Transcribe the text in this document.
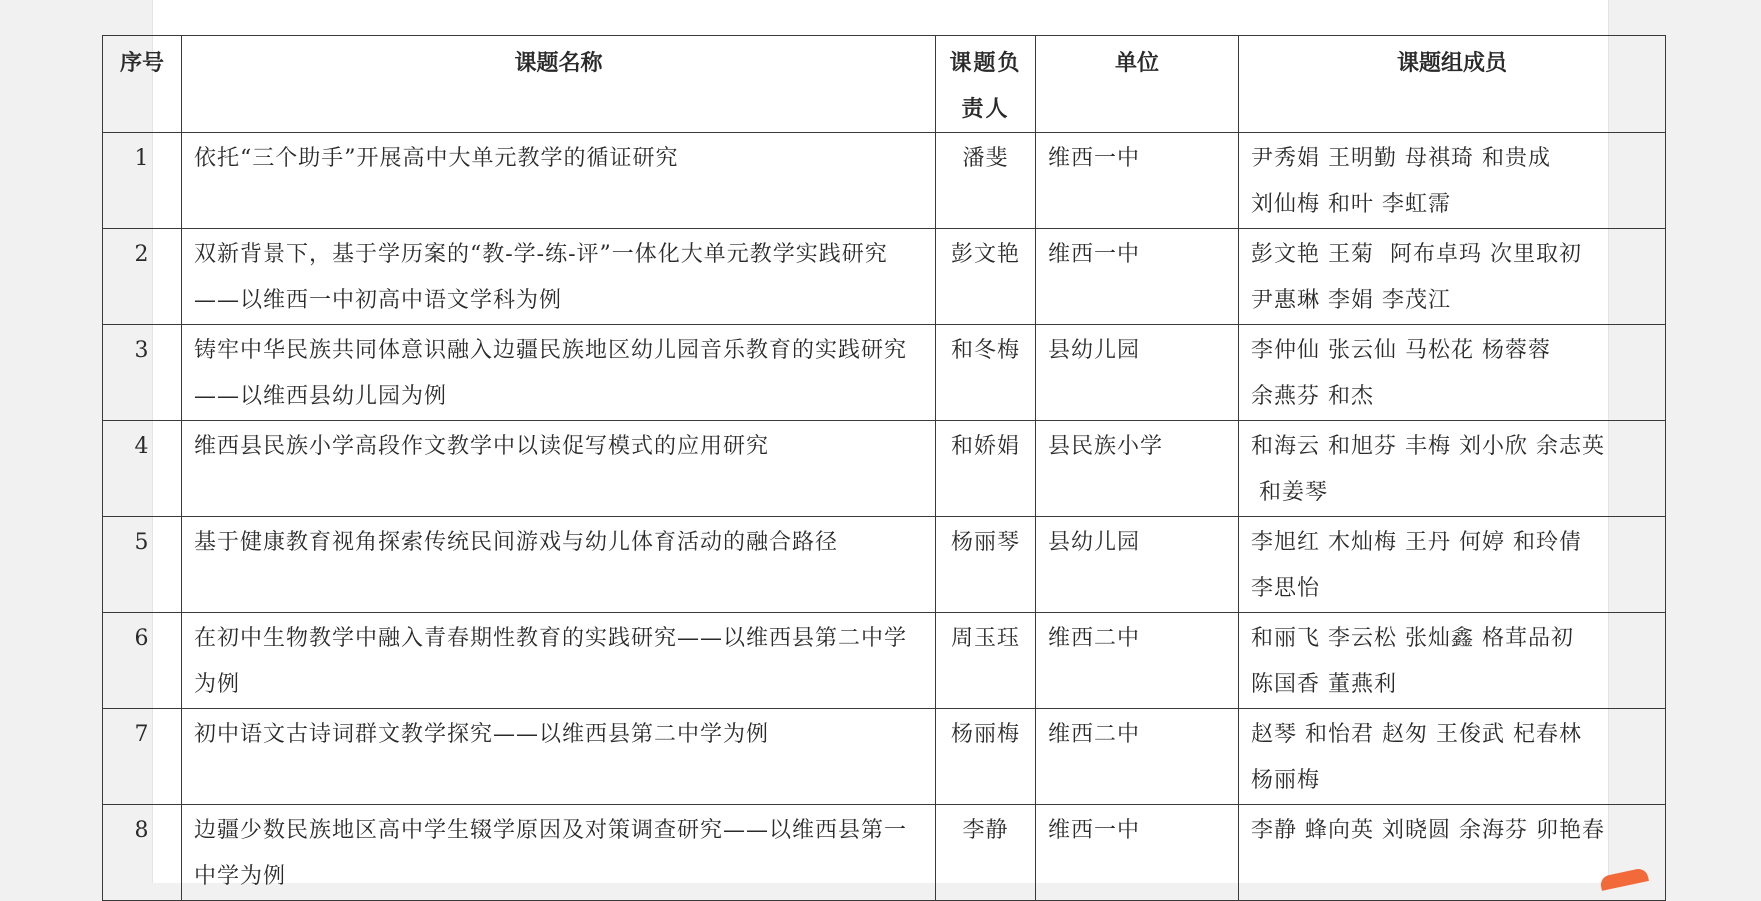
序号	课题名称	课题负责人	单位	课题组成员

1	依托“三个助手”开展高中大单元教学的循证研究	潘斐	维西一中	尹秀娟 王明勤 母祺琦 和贵成
刘仙梅 和叶 李虹霈

2	双新背景下，基于学历案的“教-学-练-评”一体化大单元教学实践研究——以维西一中初高中语文学科为例	彭文艳	维西一中	彭文艳 王菊  阿布卓玛 次里取初
尹惠琳 李娟 李茂江

3	铸牢中华民族共同体意识融入边疆民族地区幼儿园音乐教育的实践研究——以维西县幼儿园为例	和冬梅	县幼儿园	李仲仙 张云仙 马松花 杨蓉蓉
余燕芬 和杰

4	维西县民族小学高段作文教学中以读促写模式的应用研究	和娇娟	县民族小学	和海云 和旭芬 丰梅 刘小欣 余志英
和姜琴

5	基于健康教育视角探索传统民间游戏与幼儿体育活动的融合路径	杨丽琴	县幼儿园	李旭红 木灿梅 王丹 何婷 和玲倩
李思怡

6	在初中生物教学中融入青春期性教育的实践研究——以维西县第二中学为例	周玉珏	维西二中	和丽飞 李云松 张灿鑫 格茸品初
陈国香 董燕利

7	初中语文古诗词群文教学探究——以维西县第二中学为例	杨丽梅	维西二中	赵琴 和怡君 赵匆 王俊武 杞春林
杨丽梅

8	边疆少数民族地区高中学生辍学原因及对策调查研究——以维西县第一中学为例	李静	维西一中	李静 蜂向英 刘晓圆 余海芬 卯艳春
